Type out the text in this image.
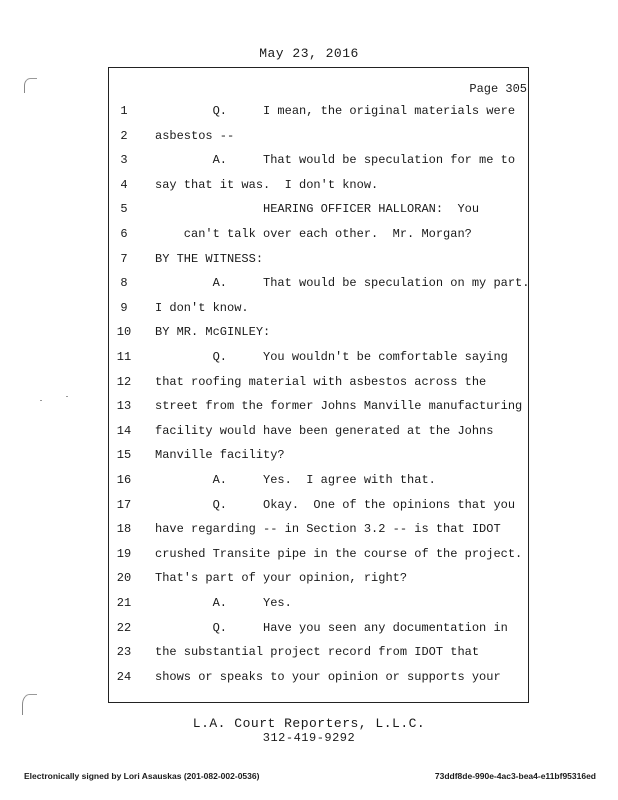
May 23, 2016
Page 305
1	Q.     I mean, the original materials were
2	asbestos --
3	A.     That would be speculation for me to
4	say that it was.  I don't know.
5	HEARING OFFICER HALLORAN:  You
6	can't talk over each other.  Mr. Morgan?
7	BY THE WITNESS:
8	A.     That would be speculation on my part.
9	I don't know.
10	BY MR. McGINLEY:
11	Q.     You wouldn't be comfortable saying
12	that roofing material with asbestos across the
13	street from the former Johns Manville manufacturing
14	facility would have been generated at the Johns
15	Manville facility?
16	A.     Yes.  I agree with that.
17	Q.     Okay.  One of the opinions that you
18	have regarding -- in Section 3.2 -- is that IDOT
19	crushed Transite pipe in the course of the project.
20	That's part of your opinion, right?
21	A.     Yes.
22	Q.     Have you seen any documentation in
23	the substantial project record from IDOT that
24	shows or speaks to your opinion or supports your
L.A. Court Reporters, L.L.C.
312-419-9292
Electronically signed by Lori Asauskas (201-082-002-0536)	73ddf8de-990e-4ac3-bea4-e11bf95316ed
